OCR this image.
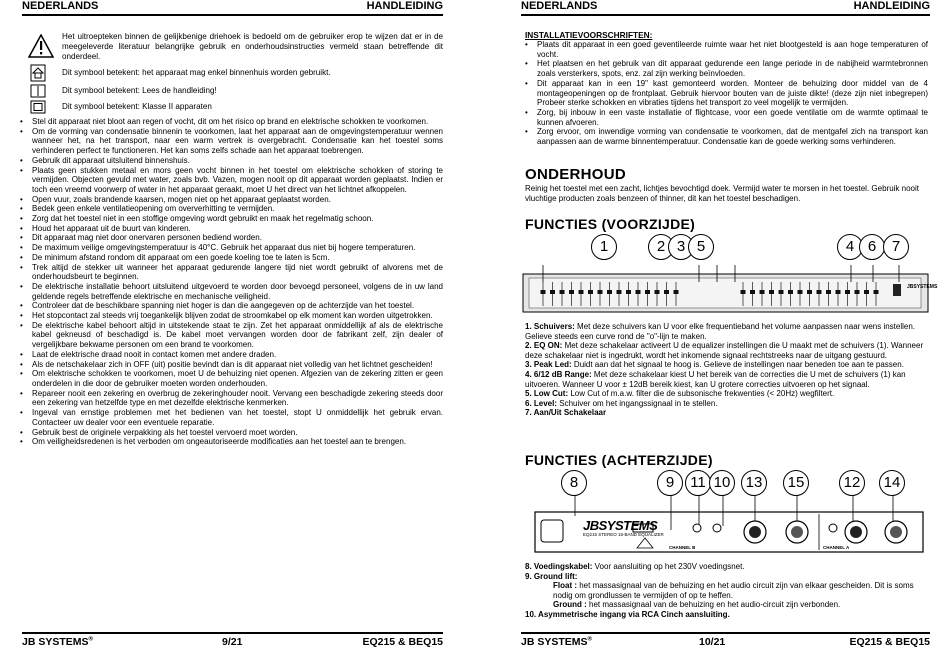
NEDERLANDS	HANDLEIDING
Het uitroepteken binnen de gelijkbenige driehoek is bedoeld om de gebruiker erop te wijzen dat er in de meegeleverde literatuur belangrijke gebruik en onderhoudsinstructies vermeld staan betreffende dit onderdeel.
Dit symbool betekent: het apparaat mag enkel binnenhuis worden gebruikt.
Dit symbool betekent: Lees de handleiding!
Dit symbool betekent: Klasse II apparaten
• Stel dit apparaat niet bloot aan regen of vocht, dit om het risico op brand en elektrische schokken te voorkomen.
• Om de vorming van condensatie binnenin te voorkomen, laat het apparaat aan de omgevingstemperatuur wennen wanneer het, na het transport, naar een warm vertrek is overgebracht. Condensatie kan het toestel soms verhinderen perfect te functioneren. Het kan soms zelfs schade aan het apparaat toebrengen.
• Gebruik dit apparaat uitsluitend binnenshuis.
• Plaats geen stukken metaal en mors geen vocht binnen in het toestel om elektrische schokken of storing te vermijden. Objecten gevuld met water, zoals bvb. Vazen, mogen nooit op dit apparaat worden geplaatst. Indien er toch een vreemd voorwerp of water in het apparaat geraakt, moet U het direct van het lichtnet afkoppelen.
• Open vuur, zoals brandende kaarsen, mogen niet op het apparaat geplaatst worden.
• Bedek geen enkele ventilatieopening om oververhitting te vermijden.
• Zorg dat het toestel niet in een stoffige omgeving wordt gebruikt en maak het regelmatig schoon.
• Houd het apparaat uit de buurt van kinderen.
• Dit apparaat mag niet door onervaren personen bediend worden.
• De maximum veilige omgevingstemperatuur is 40°C. Gebruik het apparaat dus niet bij hogere temperaturen.
• De minimum afstand rondom dit apparaat om een goede koeling toe te laten is 5cm.
• Trek altijd de stekker uit wanneer het apparaat gedurende langere tijd niet wordt gebruikt of alvorens met de onderhoudsbeurt te beginnen.
• De elektrische installatie behoort uitsluitend uitgevoerd te worden door bevoegd personeel, volgens de in uw land geldende regels betreffende elektrische en mechanische veiligheid.
• Controleer dat de beschikbare spanning niet hoger is dan die aangegeven op de achterzijde van het toestel.
• Het stopcontact zal steeds vrij toegankelijk blijven zodat de stroomkabel op elk moment kan worden uitgetrokken.
• De elektrische kabel behoort altijd in uitstekende staat te zijn. Zet het apparaat onmiddellijk af als de elektrische kabel gekneusd of beschadigd is. De kabel moet vervangen worden door de fabrikant zelf, zijn dealer of vergelijkbare bekwame personen om een brand te voorkomen.
• Laat de elektrische draad nooit in contact komen met andere draden.
• Als de netschakelaar zich in OFF (uit) positie bevindt dan is dit apparaat niet volledig van het lichtnet gescheiden!
• Om elektrische schokken te voorkomen, moet U de behuizing niet openen. Afgezien van de zekering zitten er geen onderdelen in die door de gebruiker moeten worden onderhouden.
• Repareer nooit een zekering en overbrug de zekeringhouder nooit. Vervang een beschadigde zekering steeds door een zekering van hetzelfde type en met dezelfde elektrische kenmerken.
• Ingeval van ernstige problemen met het bedienen van het toestel, stopt U onmiddellijk het gebruik ervan. Contacteer uw dealer voor een eventuele reparatie.
• Gebruik best de originele verpakking als het toestel vervoerd moet worden.
• Om veiligheidsredenen is het verboden om ongeautoriseerde modificaties aan het toestel aan te brengen.
JB SYSTEMS®	9/21	EQ215 & BEQ15
NEDERLANDS	HANDLEIDING
INSTALLATIEVOORSCHRIFTEN:
• Plaats dit apparaat in een goed geventileerde ruimte waar het niet blootgesteld is aan hoge temperaturen of vocht.
• Het plaatsen en het gebruik van dit apparaat gedurende een lange periode in de nabijheid warmtebronnen zoals versterkers, spots, enz. zal zijn werking beïnvloeden.
• Dit apparaat kan in een 19" kast gemonteerd worden. Monteer de behuizing door middel van de 4 montageopeningen op de frontplaat. Gebruik hiervoor bouten van de juiste dikte! (deze zijn niet inbegrepen) Probeer sterke schokken en vibraties tijdens het transport zo veel mogelijk te vermijden.
• Zorg, bij inbouw in een vaste installatie of flightcase, voor een goede ventilatie om de warmte optimaal te kunnen afvoeren.
• Zorg ervoor, om inwendige vorming van condensatie te voorkomen, dat de mentgafel zich na transport kan aanpassen aan de warme binnentemperatuur. Condensatie kan de goede werking soms verhinderen.
ONDERHOUD
Reinig het toestel met een zacht, lichtjes bevochtigd doek. Vermijd water te morsen in het toestel. Gebruik nooit vluchtige producten zoals benzeen of thinner, dit kan het toestel beschadigen.
FUNCTIES (VOORZIJDE)
1	2 3 5	4 6	7
JBSYSTEMS
1. Schuivers: Met deze schuivers kan U voor elke frequentieband het volume aanpassen naar wens instellen. Gelieve steeds een curve rond de "o"-lijn te maken.
2. EQ ON: Met deze schakelaar activeert U de equalizer instellingen die U maakt met de schuivers (1). Wanneer deze schakelaar niet is ingedrukt, wordt het inkomende signaal rechtstreeks naar de uitgang gestuurd.
3. Peak Led: Duidt aan dat het signaal te hoog is. Gelieve de instellingen naar beneden toe aan te passen.
4. 6/12 dB Range: Met deze schakelaar kiest U het bereik van de correcties die U met de schuivers (1) kan uitvoeren. Wanneer U voor ± 12dB bereik kiest, kan U grotere correcties uitvoeren op het signaal.
5. Low Cut: Low Cut of m.a.w. filter die de subsonische frekwenties (< 20Hz) wegfiltert.
6. Level: Schuiver om het ingangssignaal in te stellen.
7. Aan/Uit Schakelaar
FUNCTIES (ACHTERZIJDE)
8	9	11 10	13	15	12	14
JBSYSTEMS
EQ215 STEREO 15-BAND EQUALIZER
CHANNEL B	CHANNEL A
8. Voedingskabel: Voor aansluiting op het 230V voedingsnet.
9. Ground lift:
Float : het massasignaal van de behuizing en het audio circuit zijn van elkaar gescheiden. Dit is soms nodig om grondlussen te vermijden of op te heffen.
Ground : het massasignaal van de behuizing en het audio-circuit zijn verbonden.
10. Asymmetrische ingang via RCA Cinch aansluiting.
JB SYSTEMS®	10/21	EQ215 & BEQ15
